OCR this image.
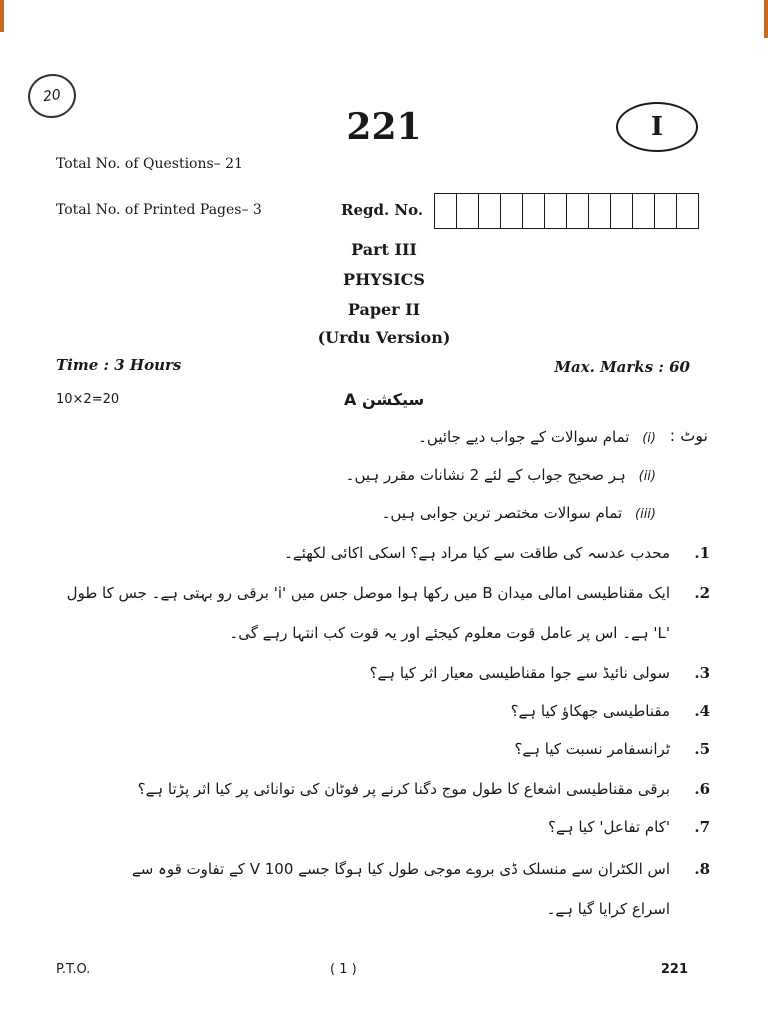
20
221	I
Total No. of Questions– 21
Total No. of Printed Pages– 3	Regd. No.
Part III
PHYSICS
Paper II
(Urdu Version)
Time : 3 Hours	Max. Marks : 60
10×2=20	سیکشن A
نوٹ :
(i) تمام سوالات کے جواب دیے جائیں۔
(ii) ہر صحیح جواب کے لئے 2 نشانات مقرر ہیں۔
(iii) تمام سوالات مختصر ترین جوابی ہیں۔
1.محدب عدسہ کی طاقت سے کیا مراد ہے؟ اسکی اکائی لکھئے۔
2.ایک مقناطیسی امالی میدان B میں رکھا ہوا موصل جس میں 'i' برقی رو بہتی ہے۔ جس کا طول
'L' ہے۔ اس پر عامل قوت معلوم کیجئے اور یہ قوت کب انتہا رہے گی۔
3.سولی نائیڈ سے جوا مقناطیسی معیار اثر کیا ہے؟
4.مقناطیسی جھکاؤ کیا ہے؟
5.ٹرانسفامر نسبت کیا ہے؟
6.برقی مقناطیسی اشعاع کا طول موج دگنا کرنے پر فوٹان کی توانائی پر کیا اثر پڑتا ہے؟
7.'کام تفاعل' کیا ہے؟
8.اس الکٹران سے منسلک ڈی بروے موجی طول کیا ہوگا جسے 100 V کے تفاوت قوہ سے
اسراع کرایا گیا ہے۔
P.T.O.	( 1 )	221
